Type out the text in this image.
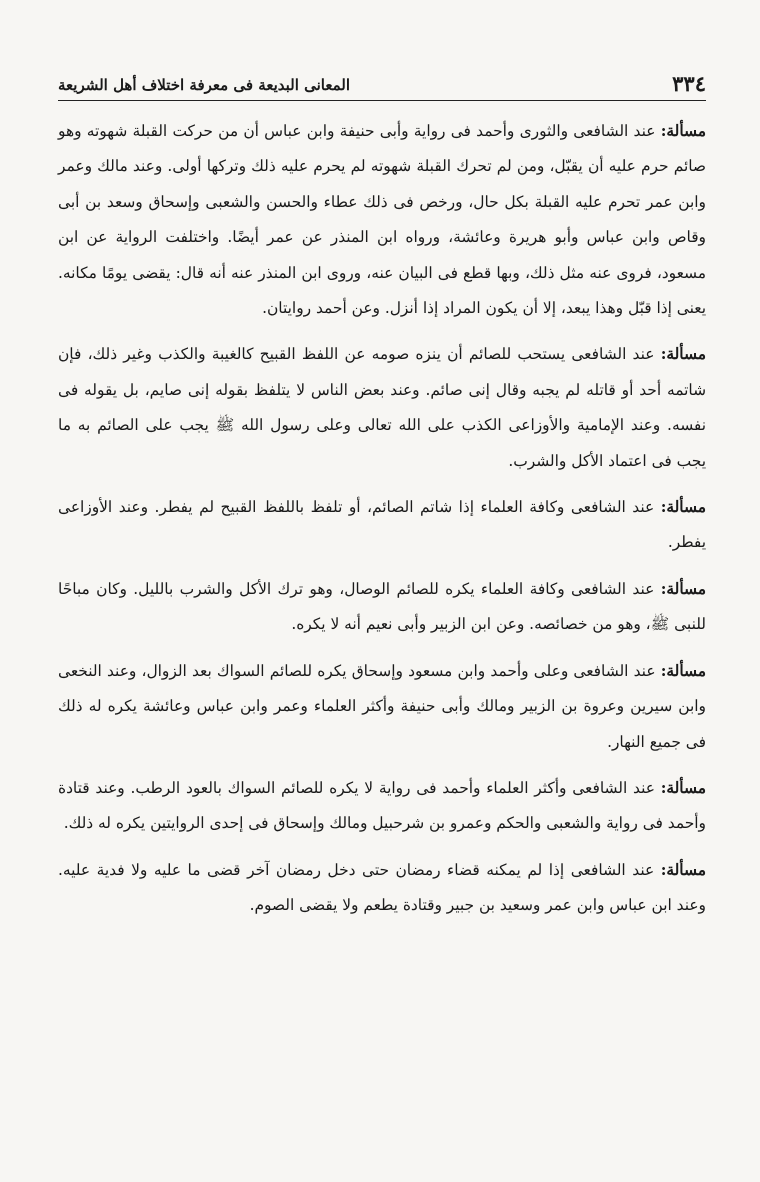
٣٣٤
المعانى البديعة فى معرفة اختلاف أهل الشريعة

مسألة: عند الشافعى والثورى وأحمد فى رواية وأبى حنيفة وابن عباس أن من حركت القبلة شهوته وهو صائم حرم عليه أن يقبّل، ومن لم تحرك القبلة شهوته لم يحرم عليه ذلك وتركها أولى. وعند مالك وعمر وابن عمر تحرم عليه القبلة بكل حال، ورخص فى ذلك عطاء والحسن والشعبى وإسحاق وسعد بن أبى وقاص وابن عباس وأبو هريرة وعائشة، ورواه ابن المنذر عن عمر أيضًا. واختلفت الرواية عن ابن مسعود، فروى عنه مثل ذلك، وبها قطع فى البيان عنه، وروى ابن المنذر عنه أنه قال: يقضى يومًا مكانه. يعنى إذا قبّل وهذا يبعد، إلا أن يكون المراد إذا أنزل. وعن أحمد روايتان.

مسألة: عند الشافعى يستحب للصائم أن ينزه صومه عن اللفظ القبيح كالغيبة والكذب وغير ذلك، فإن شاتمه أحد أو قاتله لم يجبه وقال إنى صائم. وعند بعض الناس لا يتلفظ بقوله إنى صايم، بل يقوله فى نفسه. وعند الإمامية والأوزاعى الكذب على الله تعالى وعلى رسول الله ﷺ يجب على الصائم به ما يجب فى اعتماد الأكل والشرب.

مسألة: عند الشافعى وكافة العلماء إذا شاتم الصائم، أو تلفظ باللفظ القبيح لم يفطر. وعند الأوزاعى يفطر.

مسألة: عند الشافعى وكافة العلماء يكره للصائم الوصال، وهو ترك الأكل والشرب بالليل. وكان مباحًا للنبى ﷺ، وهو من خصائصه. وعن ابن الزبير وأبى نعيم أنه لا يكره.

مسألة: عند الشافعى وعلى وأحمد وابن مسعود وإسحاق يكره للصائم السواك بعد الزوال، وعند النخعى وابن سيرين وعروة بن الزبير ومالك وأبى حنيفة وأكثر العلماء وعمر وابن عباس وعائشة يكره له ذلك فى جميع النهار.

مسألة: عند الشافعى وأكثر العلماء وأحمد فى رواية لا يكره للصائم السواك بالعود الرطب. وعند قتادة وأحمد فى رواية والشعبى والحكم وعمرو بن شرحبيل ومالك وإسحاق فى إحدى الروايتين يكره له ذلك.

مسألة: عند الشافعى إذا لم يمكنه قضاء رمضان حتى دخل رمضان آخر قضى ما عليه ولا فدية عليه. وعند ابن عباس وابن عمر وسعيد بن جبير وقتادة يطعم ولا يقضى الصوم.
